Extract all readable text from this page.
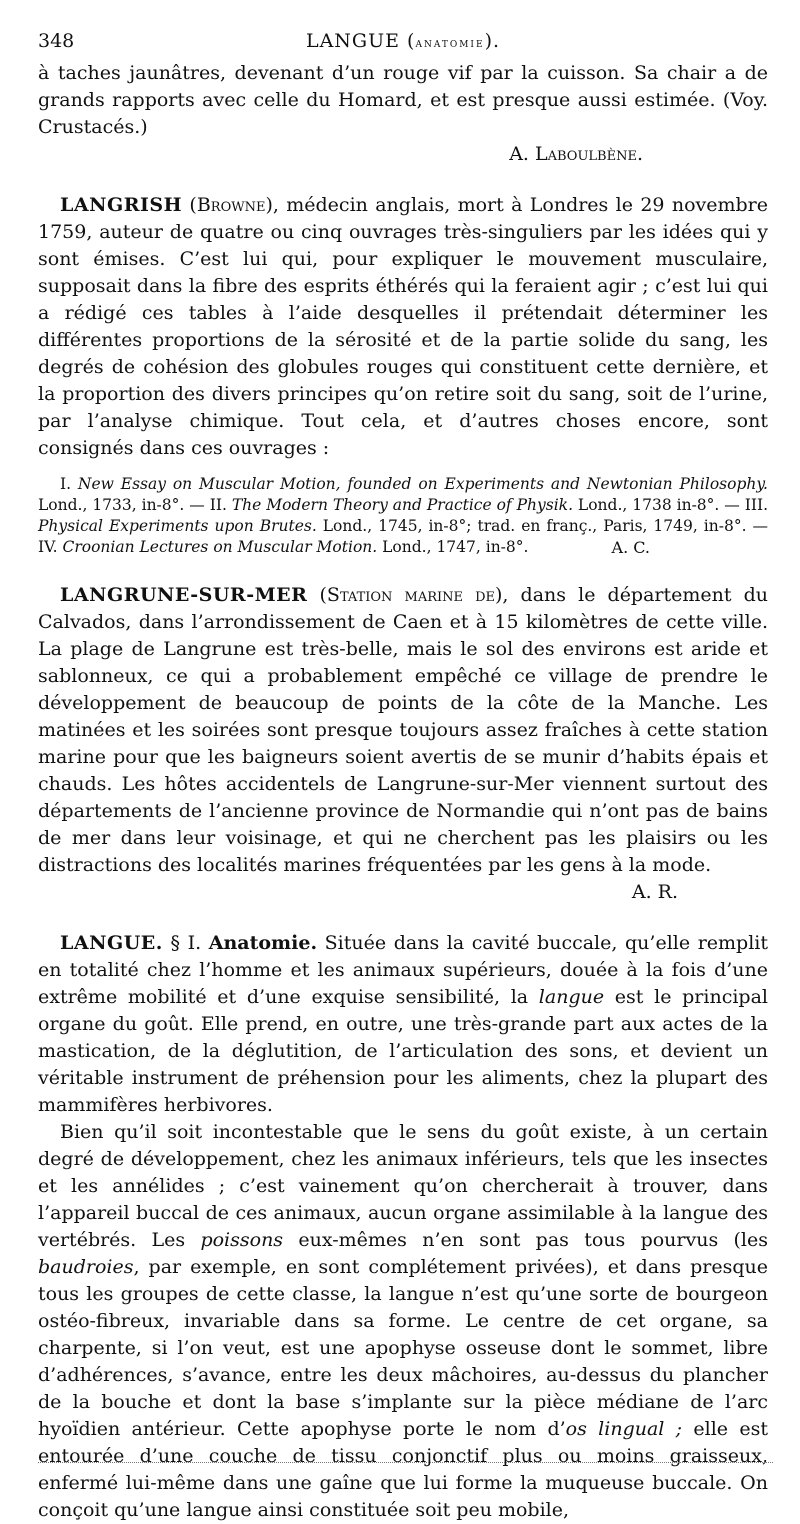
348	LANGUE (anatomie).

à taches jaunâtres, devenant d’un rouge vif par la cuisson. Sa chair a de grands rapports avec celle du Homard, et est presque aussi estimée. (Voy. Crustacés.)

A. Laboulbène.

LANGRISH (Browne), médecin anglais, mort à Londres le 29 novembre 1759, auteur de quatre ou cinq ouvrages très-singuliers par les idées qui y sont émises. C’est lui qui, pour expliquer le mouvement musculaire, supposait dans la fibre des esprits éthérés qui la feraient agir ; c’est lui qui a rédigé ces tables à l’aide desquelles il prétendait déterminer les différentes proportions de la sérosité et de la partie solide du sang, les degrés de cohésion des globules rouges qui constituent cette dernière, et la proportion des divers principes qu’on retire soit du sang, soit de l’urine, par l’analyse chimique. Tout cela, et d’autres choses encore, sont consignés dans ces ouvrages :

I. New Essay on Muscular Motion, founded on Experiments and Newtonian Philosophy. Lond., 1733, in-8°. — II. The Modern Theory and Practice of Physik. Lond., 1738 in-8°. — III. Physical Experiments upon Brutes. Lond., 1745, in-8°; trad. en franç., Paris, 1749, in-8°. — IV. Croonian Lectures on Muscular Motion. Lond., 1747, in-8°.	A. C.

LANGRUNE-SUR-MER (Station marine de), dans le département du Calvados, dans l’arrondissement de Caen et à 15 kilomètres de cette ville. La plage de Langrune est très-belle, mais le sol des environs est aride et sablonneux, ce qui a probablement empêché ce village de prendre le développement de beaucoup de points de la côte de la Manche. Les matinées et les soirées sont presque toujours assez fraîches à cette station marine pour que les baigneurs soient avertis de se munir d’habits épais et chauds. Les hôtes accidentels de Langrune-sur-Mer viennent surtout des départements de l’ancienne province de Normandie qui n’ont pas de bains de mer dans leur voisinage, et qui ne cherchent pas les plaisirs ou les distractions des localités marines fréquentées par les gens à la mode.

A. R.

LANGUE. § I. Anatomie. Située dans la cavité buccale, qu’elle remplit en totalité chez l’homme et les animaux supérieurs, douée à la fois d’une extrême mobilité et d’une exquise sensibilité, la langue est le principal organe du goût. Elle prend, en outre, une très-grande part aux actes de la mastication, de la déglutition, de l’articulation des sons, et devient un véritable instrument de préhension pour les aliments, chez la plupart des mammifères herbivores.

Bien qu’il soit incontestable que le sens du goût existe, à un certain degré de développement, chez les animaux inférieurs, tels que les insectes et les annélides ; c’est vainement qu’on chercherait à trouver, dans l’appareil buccal de ces animaux, aucun organe assimilable à la langue des vertébrés. Les poissons eux-mêmes n’en sont pas tous pourvus (les baudroies, par exemple, en sont complétement privées), et dans presque tous les groupes de cette classe, la langue n’est qu’une sorte de bourgeon ostéo-fibreux, invariable dans sa forme. Le centre de cet organe, sa charpente, si l’on veut, est une apophyse osseuse dont le sommet, libre d’adhérences, s’avance, entre les deux mâchoires, au-dessus du plancher de la bouche et dont la base s’implante sur la pièce médiane de l’arc hyoïdien antérieur. Cette apophyse porte le nom d’os lingual ; elle est entourée d’une couche de tissu conjonctif plus ou moins graisseux, enfermé lui-même dans une gaîne que lui forme la muqueuse buccale. On conçoit qu’une langue ainsi constituée soit peu mobile,
